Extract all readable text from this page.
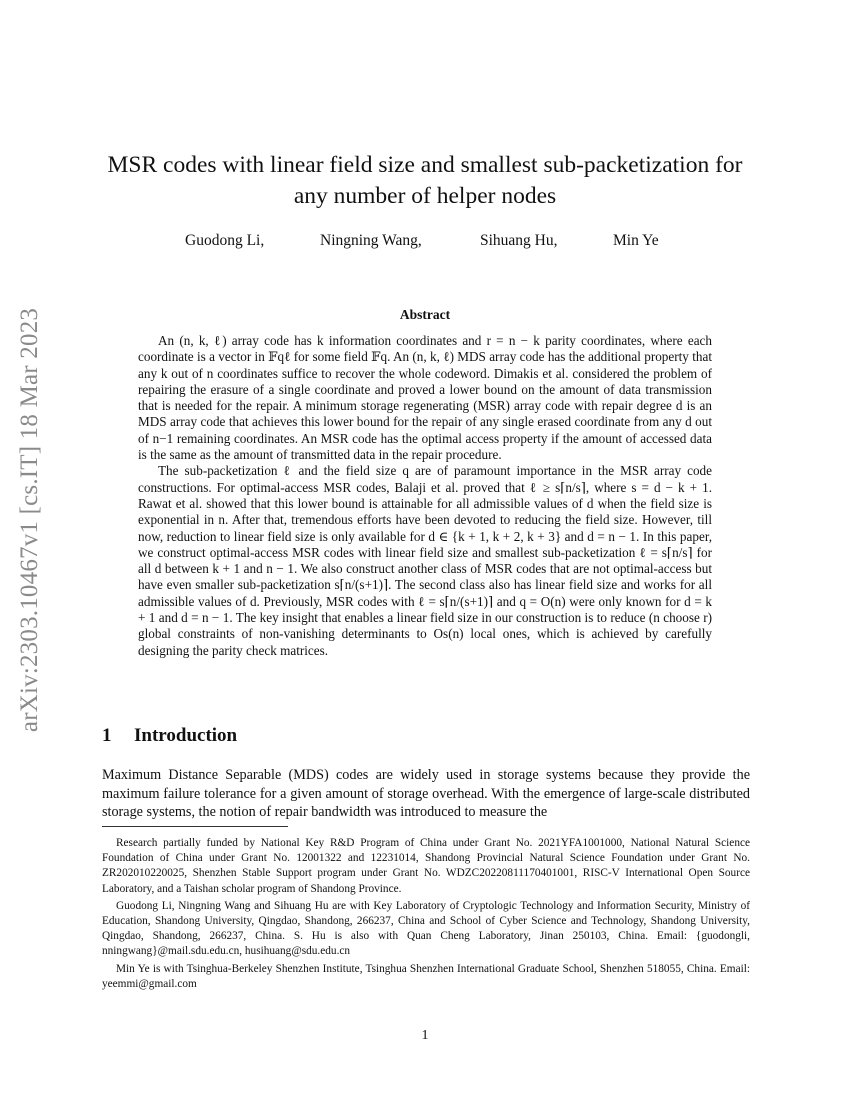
arXiv:2303.10467v1 [cs.IT] 18 Mar 2023
MSR codes with linear field size and smallest sub-packetization for
any number of helper nodes
Guodong Li,	Ningning Wang,	Sihuang Hu,	Min Ye
Abstract

An (n, k, ℓ) array code has k information coordinates and r = n − k parity coordinates, where each coordinate is a vector in 𝔽qℓ for some field 𝔽q. An (n, k, ℓ) MDS array code has the additional property that any k out of n coordinates suffice to recover the whole codeword. Dimakis et al. considered the problem of repairing the erasure of a single coordinate and proved a lower bound on the amount of data transmission that is needed for the repair. A minimum storage regenerating (MSR) array code with repair degree d is an MDS array code that achieves this lower bound for the repair of any single erased coordinate from any d out of n−1 remaining coordinates. An MSR code has the optimal access property if the amount of accessed data is the same as the amount of transmitted data in the repair procedure.

The sub-packetization ℓ and the field size q are of paramount importance in the MSR array code constructions. For optimal-access MSR codes, Balaji et al. proved that ℓ ≥ s⌈n/s⌉, where s = d − k + 1. Rawat et al. showed that this lower bound is attainable for all admissible values of d when the field size is exponential in n. After that, tremendous efforts have been devoted to reducing the field size. However, till now, reduction to linear field size is only available for d ∈ {k + 1, k + 2, k + 3} and d = n − 1. In this paper, we construct optimal-access MSR codes with linear field size and smallest sub-packetization ℓ = s⌈n/s⌉ for all d between k + 1 and n − 1. We also construct another class of MSR codes that are not optimal-access but have even smaller sub-packetization s⌈n/(s+1)⌉. The second class also has linear field size and works for all admissible values of d. Previously, MSR codes with ℓ = s⌈n/(s+1)⌉ and q = O(n) were only known for d = k + 1 and d = n − 1. The key insight that enables a linear field size in our construction is to reduce (n choose r) global constraints of non-vanishing determinants to Os(n) local ones, which is achieved by carefully designing the parity check matrices.

1 Introduction

Maximum Distance Separable (MDS) codes are widely used in storage systems because they provide the maximum failure tolerance for a given amount of storage overhead. With the emergence of large-scale distributed storage systems, the notion of repair bandwidth was introduced to measure the

Research partially funded by National Key R&D Program of China under Grant No. 2021YFA1001000, National Natural Science Foundation of China under Grant No. 12001322 and 12231014, Shandong Provincial Natural Science Foundation under Grant No. ZR202010220025, Shenzhen Stable Support program under Grant No. WDZC20220811170401001, RISC-V International Open Source Laboratory, and a Taishan scholar program of Shandong Province.

Guodong Li, Ningning Wang and Sihuang Hu are with Key Laboratory of Cryptologic Technology and Information Security, Ministry of Education, Shandong University, Qingdao, Shandong, 266237, China and School of Cyber Science and Technology, Shandong University, Qingdao, Shandong, 266237, China. S. Hu is also with Quan Cheng Laboratory, Jinan 250103, China. Email: {guodongli, nningwang}@mail.sdu.edu.cn, husihuang@sdu.edu.cn

Min Ye is with Tsinghua-Berkeley Shenzhen Institute, Tsinghua Shenzhen International Graduate School, Shenzhen 518055, China. Email: yeemmi@gmail.com

1
